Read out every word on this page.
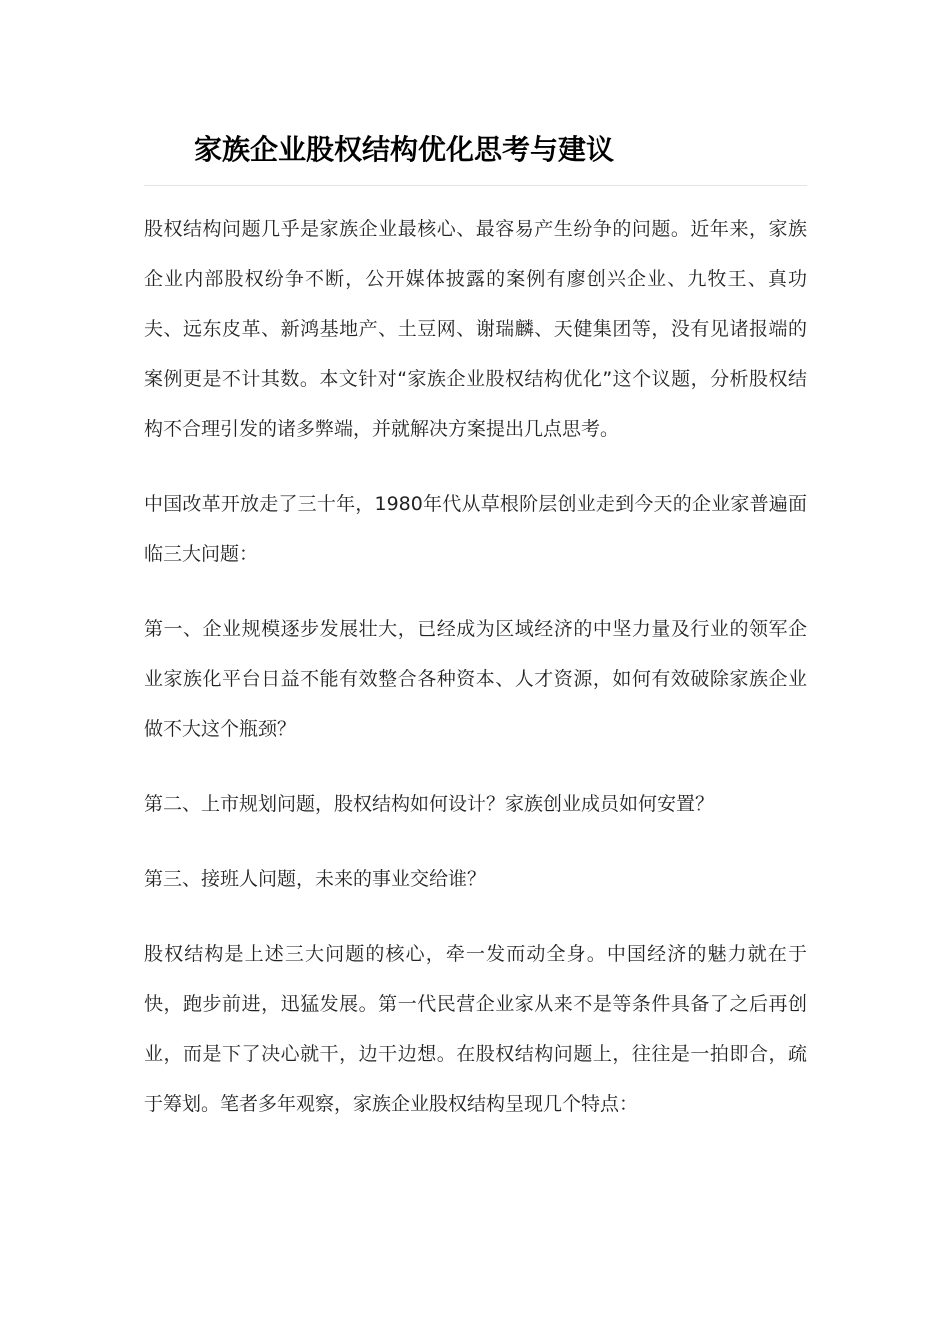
家族企业股权结构优化思考与建议

股权结构问题几乎是家族企业最核心、最容易产生纷争的问题。近年来，家族企业内部股权纷争不断，公开媒体披露的案例有廖创兴企业、九牧王、真功夫、远东皮革、新鸿基地产、土豆网、谢瑞麟、天健集团等，没有见诸报端的案例更是不计其数。本文针对“家族企业股权结构优化”这个议题，分析股权结构不合理引发的诸多弊端，并就解决方案提出几点思考。

中国改革开放走了三十年，1980年代从草根阶层创业走到今天的企业家普遍面临三大问题：

第一、企业规模逐步发展壮大，已经成为区域经济的中坚力量及行业的领军企业家族化平台日益不能有效整合各种资本、人才资源，如何有效破除家族企业做不大这个瓶颈？

第二、上市规划问题，股权结构如何设计？家族创业成员如何安置？

第三、接班人问题，未来的事业交给谁？

股权结构是上述三大问题的核心，牵一发而动全身。中国经济的魅力就在于快，跑步前进，迅猛发展。第一代民营企业家从来不是等条件具备了之后再创业，而是下了决心就干，边干边想。在股权结构问题上，往往是一拍即合，疏于筹划。笔者多年观察，家族企业股权结构呈现几个特点：
